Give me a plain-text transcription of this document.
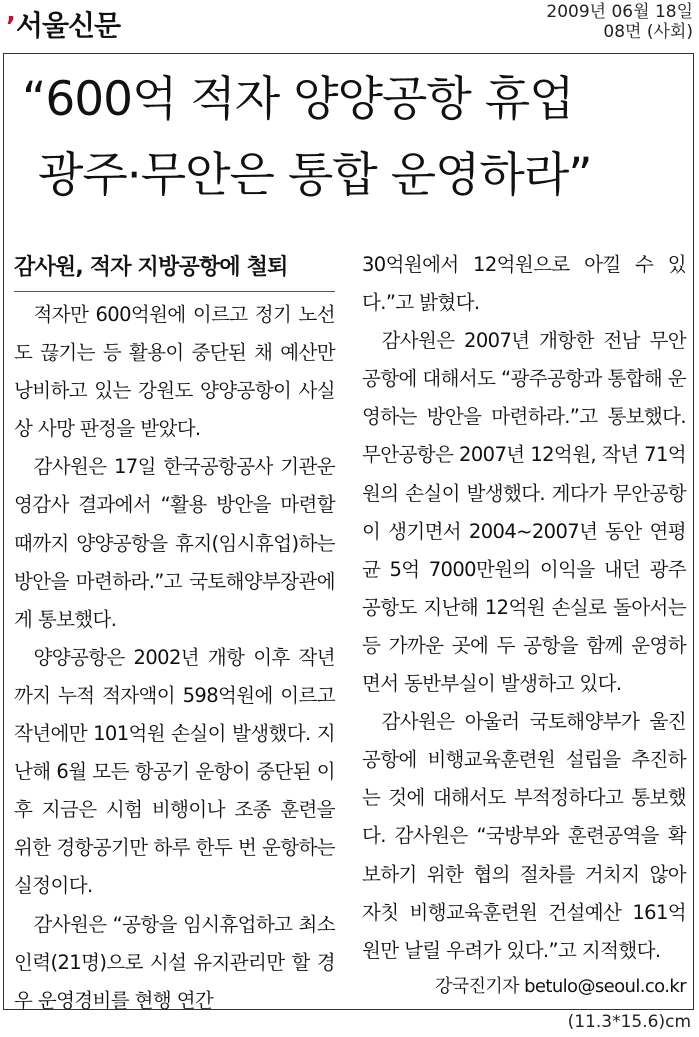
’서울신문	2009년 06월 18일
08면 (사회)
“600억 적자 양양공항 휴업
광주·무안은 통합 운영하라”
감사원, 적자 지방공항에 철퇴

적자만 600억원에 이르고 정기 노선도 끊기는 등 활용이 중단된 채 예산만 낭비하고 있는 강원도 양양공항이 사실상 사망 판정을 받았다.

감사원은 17일 한국공항공사 기관운영감사 결과에서 “활용 방안을 마련할 때까지 양양공항을 휴지(임시휴업)하는 방안을 마련하라.”고 국토해양부장관에게 통보했다.

양양공항은 2002년 개항 이후 작년까지 누적 적자액이 598억원에 이르고 작년에만 101억원 손실이 발생했다. 지난해 6월 모든 항공기 운항이 중단된 이후 지금은 시험 비행이나 조종 훈련을 위한 경항공기만 하루 한두 번 운항하는 실정이다.

감사원은 “공항을 임시휴업하고 최소인력(21명)으로 시설 유지관리만 할 경우 운영경비를 현행 연간

30억원에서 12억원으로 아낄 수 있다.”고 밝혔다.

감사원은 2007년 개항한 전남 무안공항에 대해서도 “광주공항과 통합해 운영하는 방안을 마련하라.”고 통보했다. 무안공항은 2007년 12억원, 작년 71억원의 손실이 발생했다. 게다가 무안공항이 생기면서 2004~2007년 동안 연평균 5억 7000만원의 이익을 내던 광주공항도 지난해 12억원 손실로 돌아서는 등 가까운 곳에 두 공항을 함께 운영하면서 동반부실이 발생하고 있다.

감사원은 아울러 국토해양부가 울진공항에 비행교육훈련원 설립을 추진하는 것에 대해서도 부적정하다고 통보했다. 감사원은 “국방부와 훈련공역을 확보하기 위한 협의 절차를 거치지 않아 자칫 비행교육훈련원 건설예산 161억원만 날릴 우려가 있다.”고 지적했다.

강국진기자 betulo@seoul.co.kr

(11.3*15.6)cm
